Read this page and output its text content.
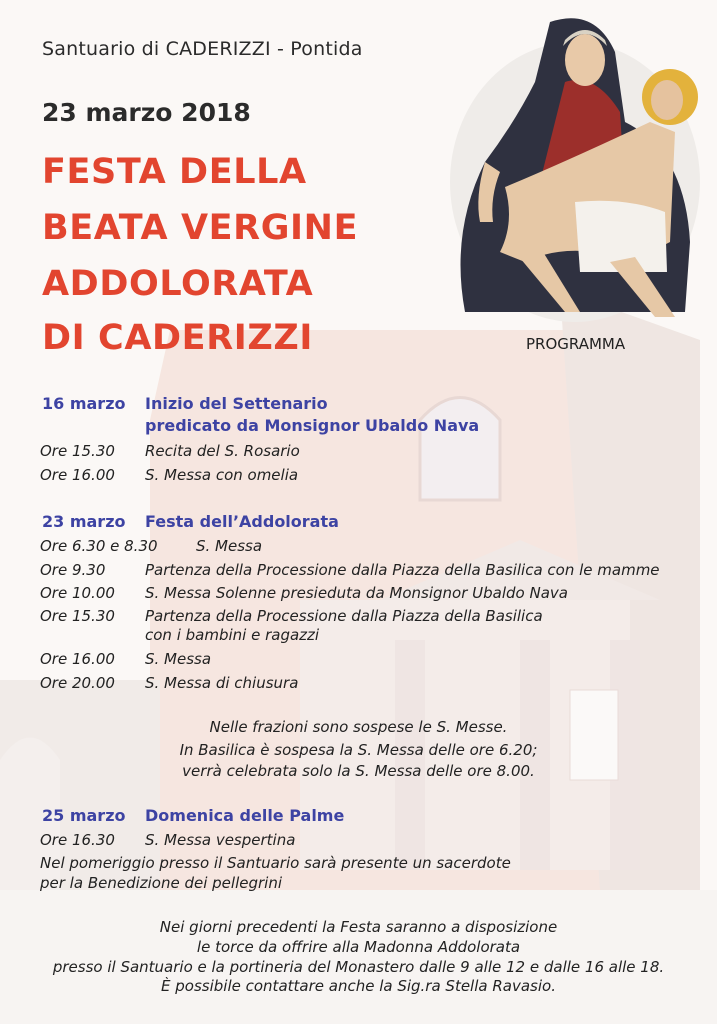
Santuario di CADERIZZI - Pontida
23 marzo 2018
FESTA DELLA
BEATA VERGINE
ADDOLORATA
DI CADERIZZI	PROGRAMMA
16 marzo Inizio del Settenario
predicato da Monsignor Ubaldo Nava
Ore 15.30 Recita del S. Rosario
Ore 16.00 S. Messa con omelia
23 marzo Festa dell’Addolorata
Ore 6.30 e 8.30	S. Messa
Ore 9.30	Partenza della Processione dalla Piazza della Basilica con le mamme
Ore 10.00 S. Messa Solenne presieduta da Monsignor Ubaldo Nava
Ore 15.30 Partenza della Processione dalla Piazza della Basilica
con i bambini e ragazzi
Ore 16.00 S. Messa
Ore 20.00 S. Messa di chiusura
Nelle frazioni sono sospese le S. Messe.
In Basilica è sospesa la S. Messa delle ore 6.20;
verrà celebrata solo la S. Messa delle ore 8.00.
25 marzo Domenica delle Palme
Ore 16.30 S. Messa vespertina
Nel pomeriggio presso il Santuario sarà presente un sacerdote
per la Benedizione dei pellegrini
Nei giorni precedenti la Festa saranno a disposizione
le torce da offrire alla Madonna Addolorata
presso il Santuario e la portineria del Monastero dalle 9 alle 12 e dalle 16 alle 18.
È possibile contattare anche la Sig.ra Stella Ravasio.
